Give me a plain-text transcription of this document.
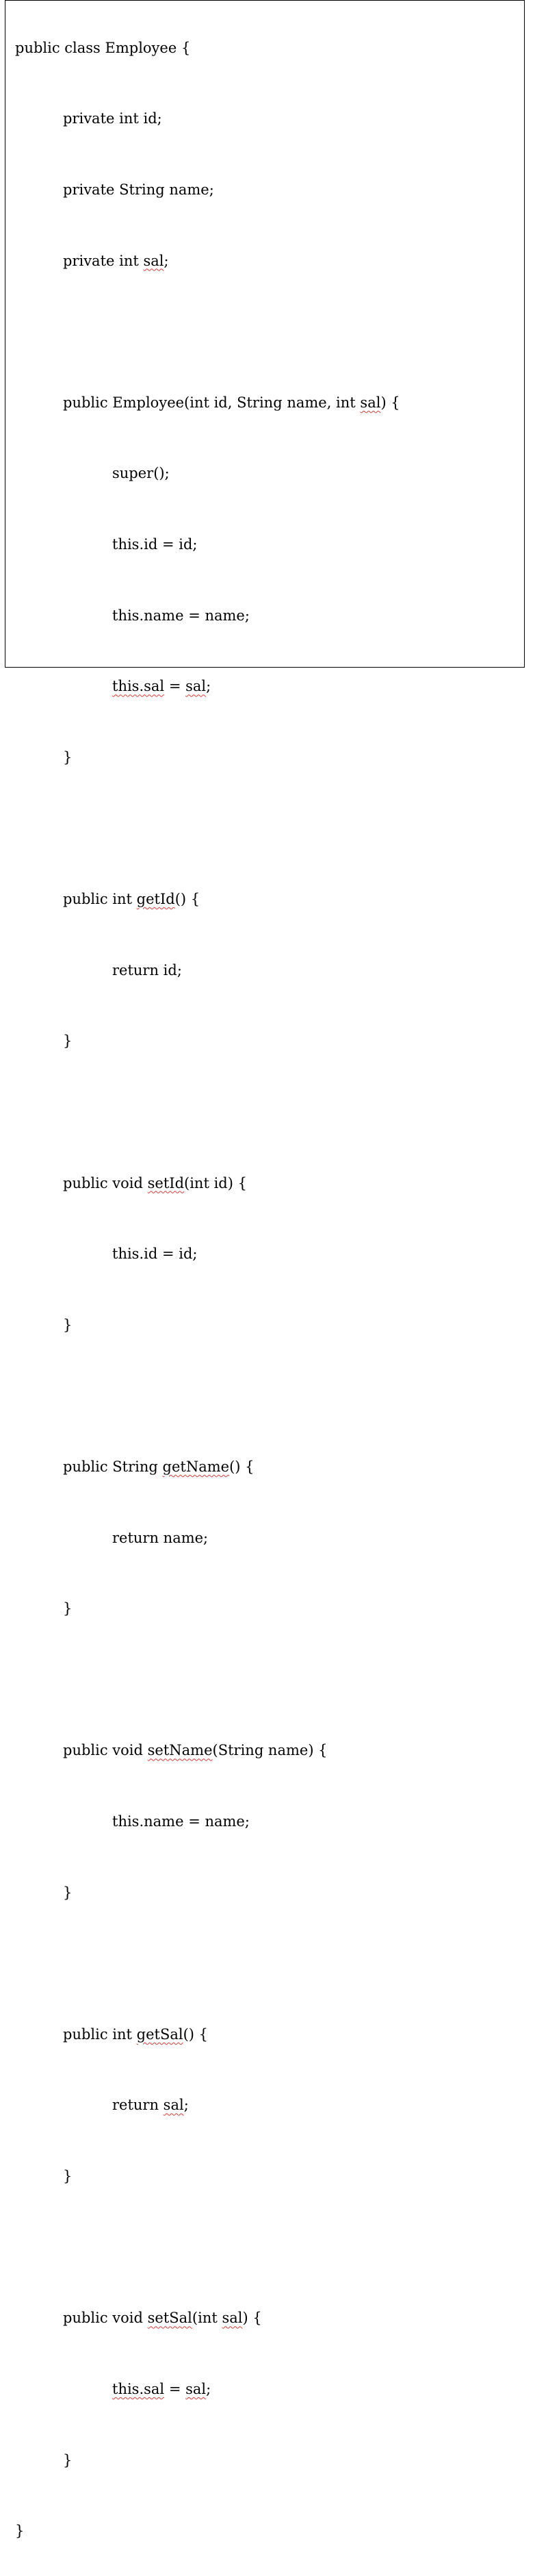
public class Employee {

private int id;

private String name;

private int sal;

public Employee(int id, String name, int sal) {

super();

this.id = id;

this.name = name;

this.sal = sal;

}

public int getId() {

return id;

}

public void setId(int id) {

this.id = id;

}

public String getName() {

return name;

}

public void setName(String name) {

this.name = name;

}

public int getSal() {

return sal;

}

public void setSal(int sal) {

this.sal = sal;

}

}
